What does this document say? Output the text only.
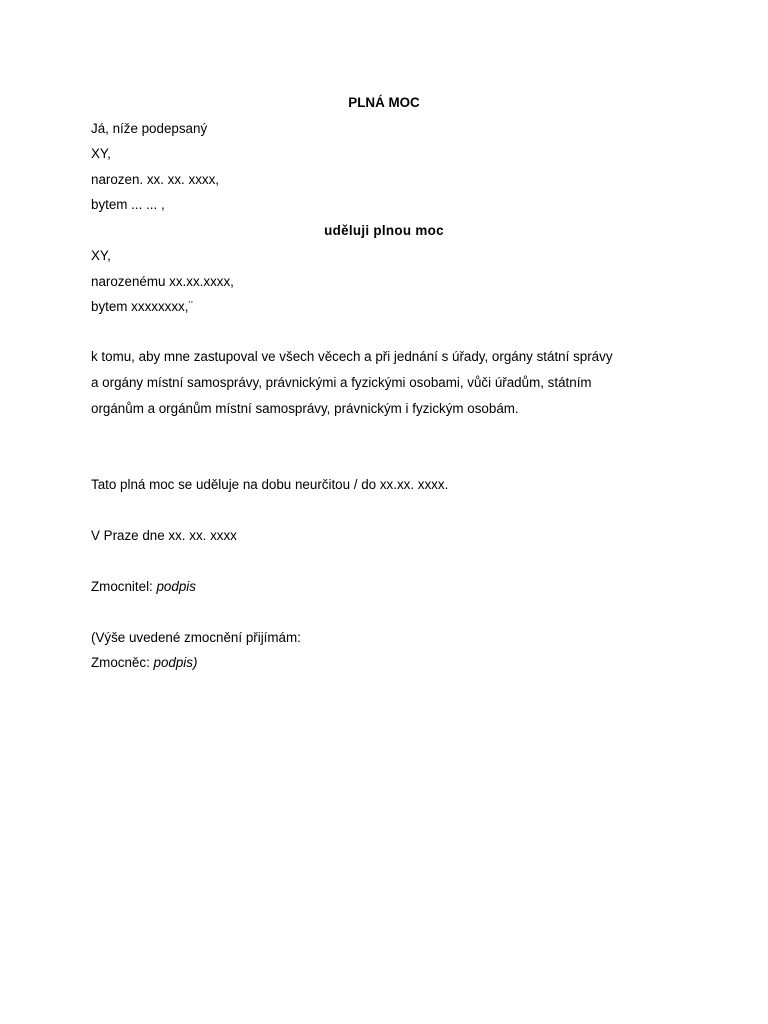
PLNÁ MOC
Já, níže podepsaný
XY,
narozen. xx. xx. xxxx,
bytem ... ... ,
uděluji plnou moc
XY,
narozenému xx.xx.xxxx,
bytem xxxxxxxx,¨
k tomu, aby mne zastupoval ve všech věcech a při jednání s úřady, orgány státní správy
a orgány místní samosprávy, právnickými a fyzickými osobami, vůči úřadům, státním
orgánům a orgánům místní samosprávy, právnickým i fyzickým osobám.
Tato plná moc se uděluje na dobu neurčitou / do xx.xx. xxxx.
V Praze dne xx. xx. xxxx
Zmocnitel: podpis
(Výše uvedené zmocnění přijímám:
Zmocněc: podpis)
